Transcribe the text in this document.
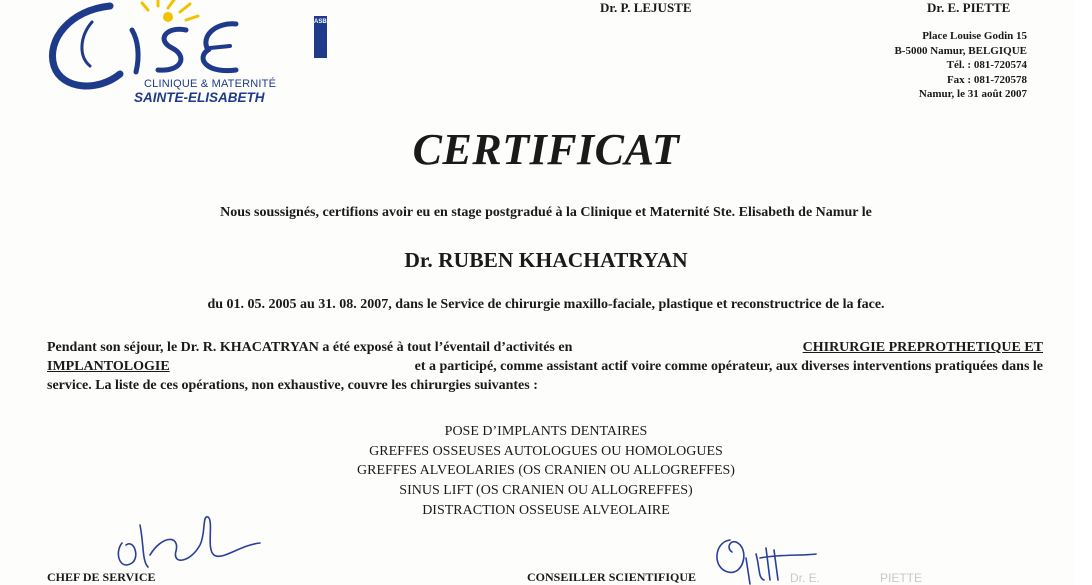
ASBL
CLINIQUE & MATERNITÉ
SAINTE-ELISABETH
Dr. P. LEJUSTE	Dr. E. PIETTE
Place Louise Godin 15
B-5000 Namur, BELGIQUE
Tél. : 081-720574
Fax : 081-720578
Namur, le 31 août 2007
CERTIFICAT
Nous soussignés, certifions avoir eu en stage postgradué à la Clinique et Maternité Ste. Elisabeth de Namur le
Dr. RUBEN KHACHATRYAN
du 01. 05. 2005 au 31. 08. 2007, dans le Service de chirurgie maxillo-faciale, plastique et reconstructrice de la face.
Pendant son séjour, le Dr. R. KHACATRYAN a été exposé à tout l’éventail d’activités en	CHIRURGIE PREPROTHETIQUE ET
IMPLANTOLOGIE	et a participé, comme assistant actif voire comme opérateur, aux diverses interventions pratiquées dans le
service. La liste de ces opérations, non exhaustive, couvre les chirurgies suivantes :
POSE D’IMPLANTS DENTAIRES
GREFFES OSSEUSES AUTOLOGUES OU HOMOLOGUES
GREFFES ALVEOLARIES (OS CRANIEN OU ALLOGREFFES)
SINUS LIFT (OS CRANIEN OU ALLOGREFFES)
DISTRACTION OSSEUSE ALVEOLAIRE
CHEF DE SERVICE	CONSEILLER SCIENTIFIQUE	Dr. E.	PIETTE
